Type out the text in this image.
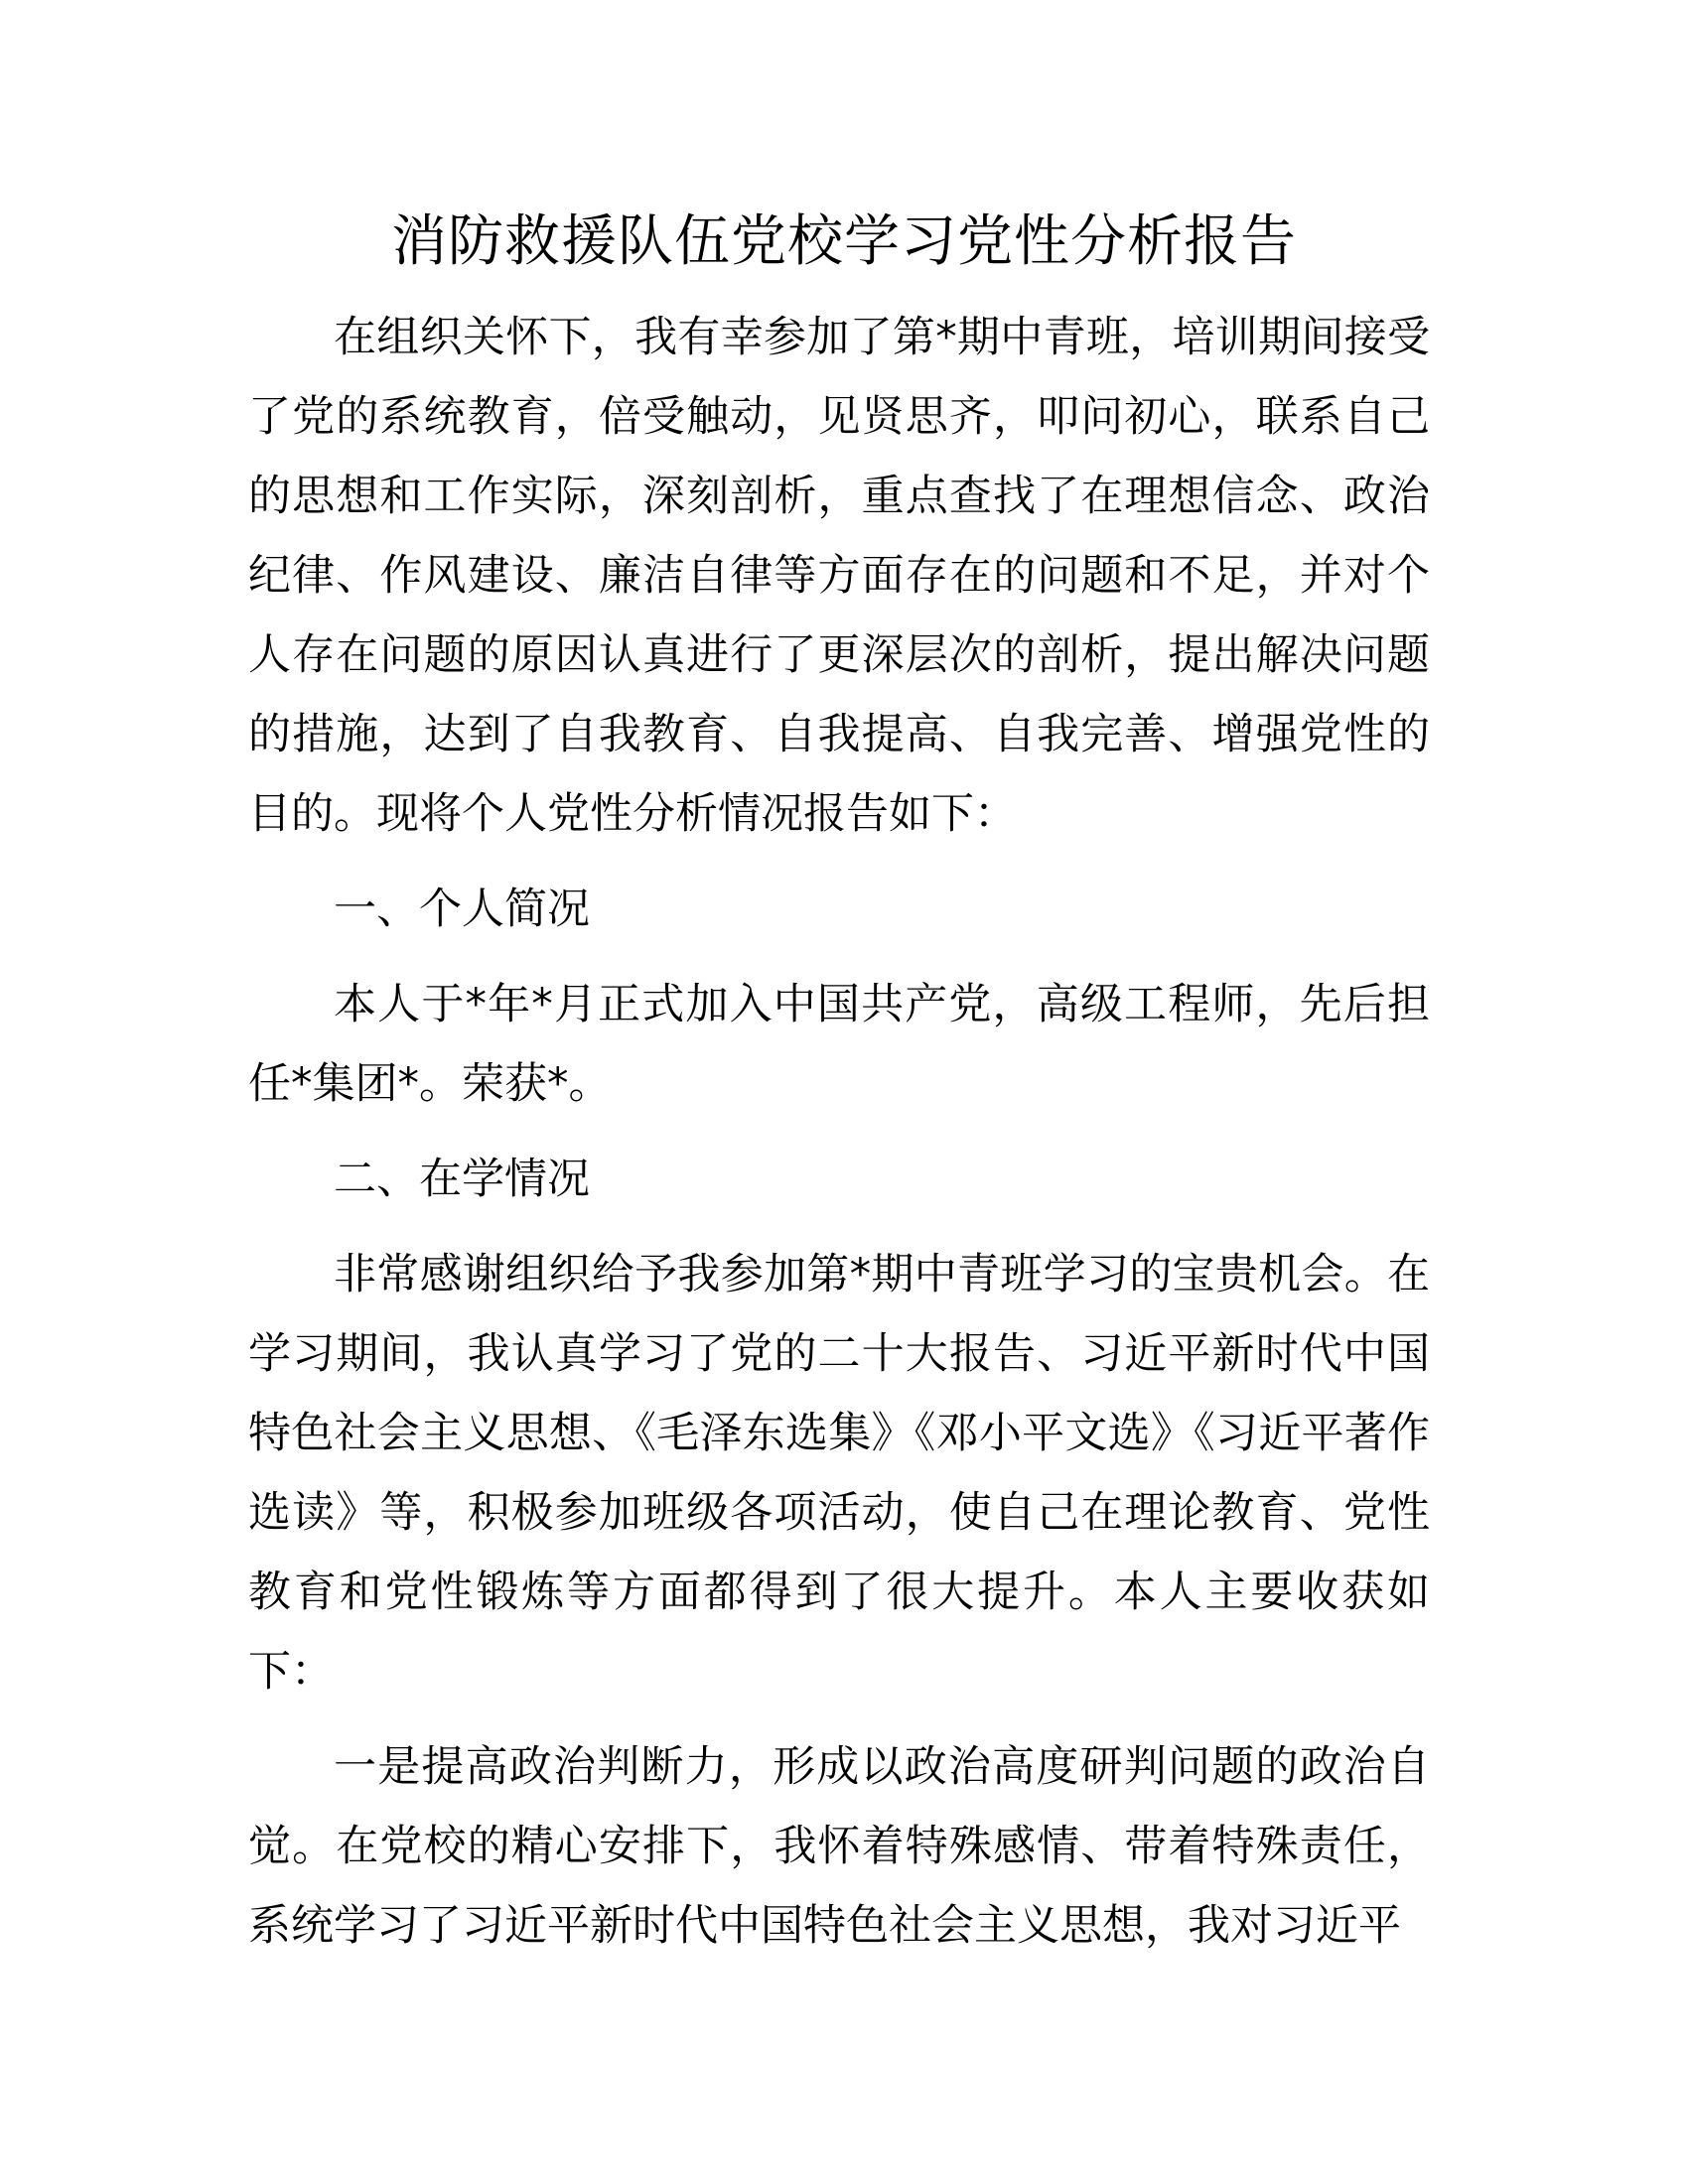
消防救援队伍党校学习党性分析报告

在组织关怀下，我有幸参加了第*期中青班，培训期间接受了党的系统教育，倍受触动，见贤思齐，叩问初心，联系自己的思想和工作实际，深刻剖析，重点查找了在理想信念、政治纪律、作风建设、廉洁自律等方面存在的问题和不足，并对个人存在问题的原因认真进行了更深层次的剖析，提出解决问题的措施，达到了自我教育、自我提高、自我完善、增强党性的目的。现将个人党性分析情况报告如下：

一、个人简况

本人于*年*月正式加入中国共产党，高级工程师，先后担任*集团*。荣获*。

二、在学情况

非常感谢组织给予我参加第*期中青班学习的宝贵机会。在学习期间，我认真学习了党的二十大报告、习近平新时代中国特色社会主义思想、《毛泽东选集》《邓小平文选》《习近平著作选读》等，积极参加班级各项活动，使自己在理论教育、党性教育和党性锻炼等方面都得到了很大提升。本人主要收获如下：

一是提高政治判断力，形成以政治高度研判问题的政治自觉。在党校的精心安排下，我怀着特殊感情、带着特殊责任，系统学习了习近平新时代中国特色社会主义思想，我对习近平
